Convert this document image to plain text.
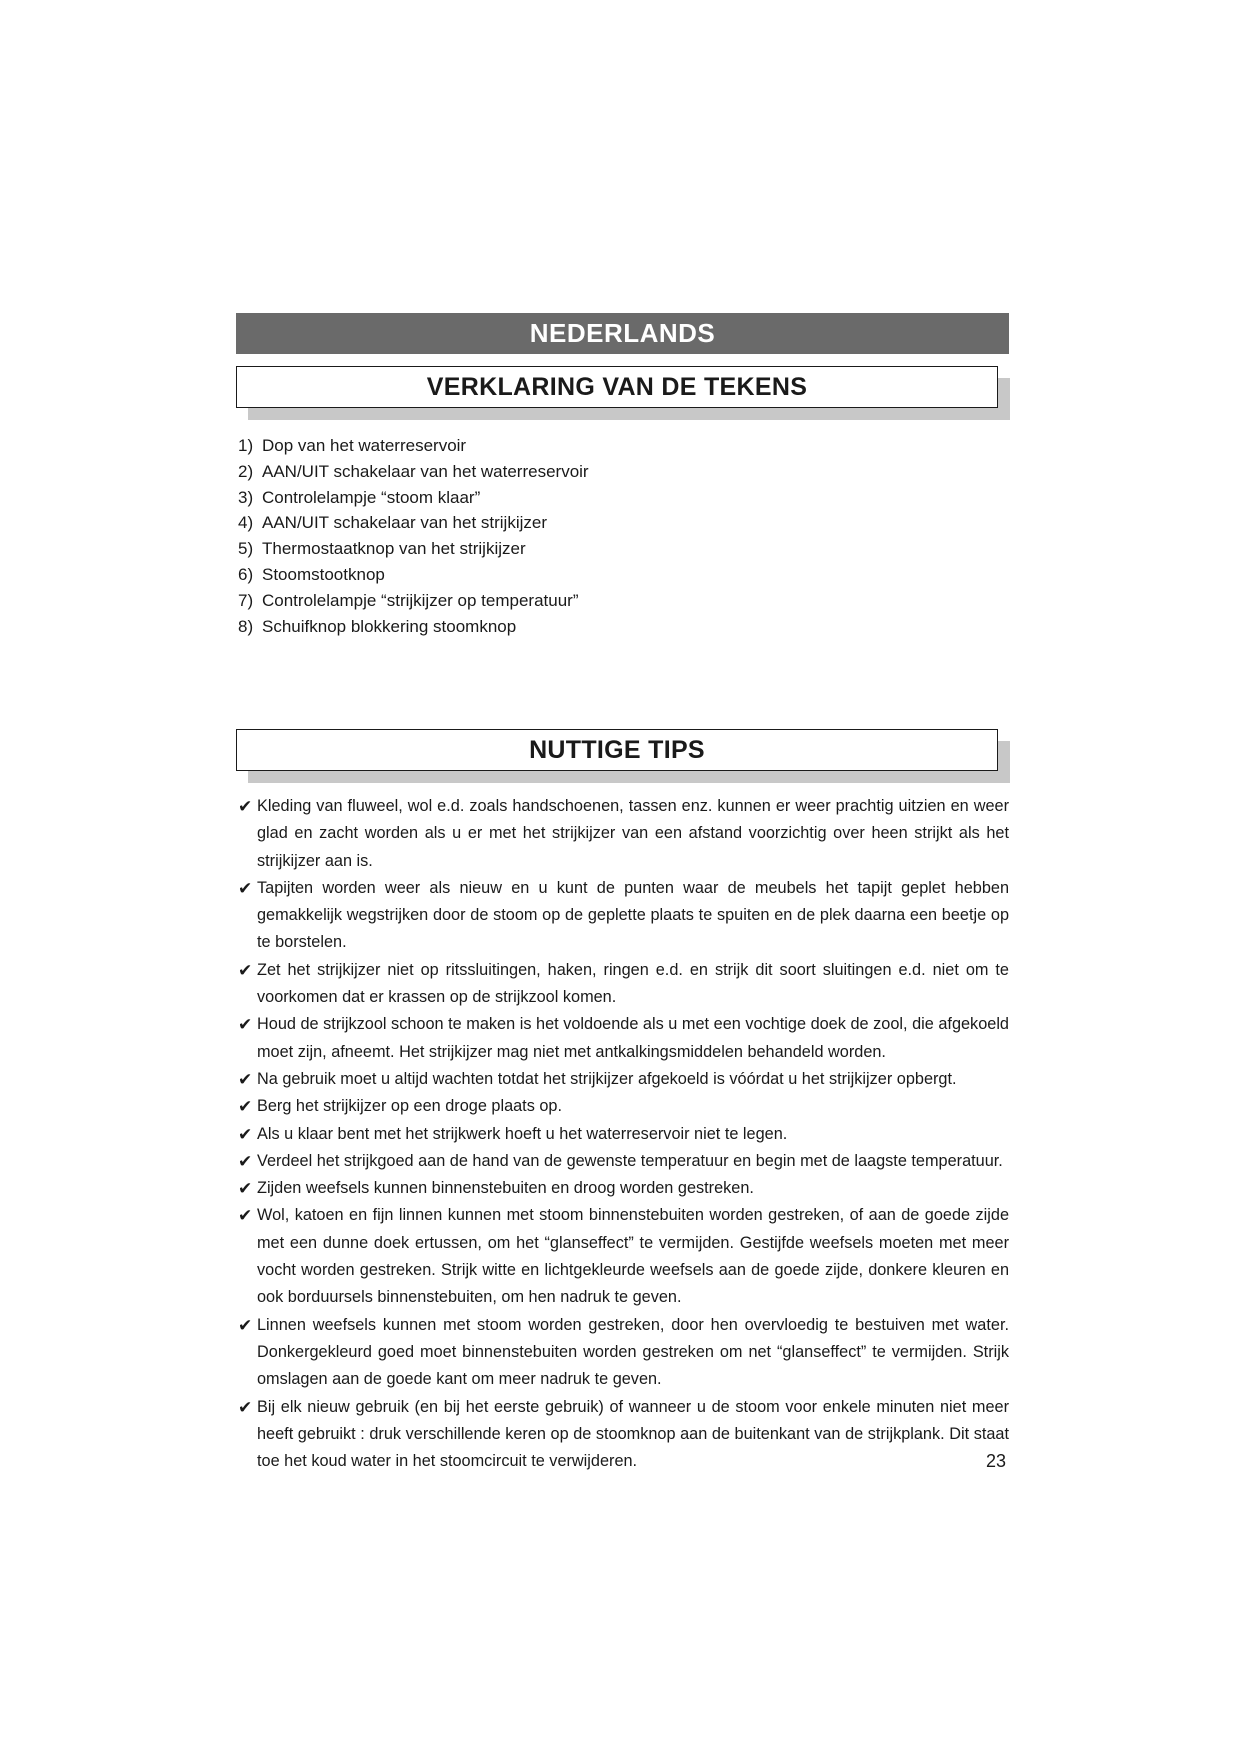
NEDERLANDS
VERKLARING VAN DE TEKENS
1) Dop van het waterreservoir
2) AAN/UIT schakelaar van het waterreservoir
3) Controlelampje “stoom klaar”
4) AAN/UIT schakelaar van het strijkijzer
5) Thermostaatknop van het strijkijzer
6) Stoomstootknop
7) Controlelampje “strijkijzer op temperatuur”
8) Schuifknop blokkering stoomknop
NUTTIGE TIPS
✔ Kleding van fluweel, wol e.d. zoals handschoenen, tassen enz. kunnen er weer prachtig uitzien en weer glad en zacht worden als u er met het strijkijzer van een afstand voorzichtig over heen strijkt als het strijkijzer aan is.
✔ Tapijten worden weer als nieuw en u kunt de punten waar de meubels het tapijt geplet hebben gemakkelijk wegstrijken door de stoom op de geplette plaats te spuiten en de plek daarna een beetje op te borstelen.
✔ Zet het strijkijzer niet op ritssluitingen, haken, ringen e.d. en strijk dit soort sluitingen e.d. niet om te voorkomen dat er krassen op de strijkzool komen.
✔ Houd de strijkzool schoon te maken is het voldoende als u met een vochtige doek de zool, die afgekoeld moet zijn, afneemt. Het strijkijzer mag niet met antkalkingsmiddelen behandeld worden.
✔ Na gebruik moet u altijd wachten totdat het strijkijzer afgekoeld is vóórdat u het strijkijzer opbergt.
✔ Berg het strijkijzer op een droge plaats op.
✔ Als u klaar bent met het strijkwerk hoeft u het waterreservoir niet te legen.
✔ Verdeel het strijkgoed aan de hand van de gewenste temperatuur en begin met de laagste temperatuur.
✔ Zijden weefsels kunnen binnenstebuiten en droog worden gestreken.
✔ Wol, katoen en fijn linnen kunnen met stoom binnenstebuiten worden gestreken, of aan de goede zijde met een dunne doek ertussen, om het “glanseffect” te vermijden. Gestijfde weefsels moeten met meer vocht worden gestreken. Strijk witte en lichtgekleurde weefsels aan de goede zijde, donkere kleuren en ook borduursels binnenstebuiten, om hen nadruk te geven.
✔ Linnen weefsels kunnen met stoom worden gestreken, door hen overvloedig te bestuiven met water. Donkergekleurd goed moet binnenstebuiten worden gestreken om net “glanseffect” te vermijden. Strijk omslagen aan de goede kant om meer nadruk te geven.
✔ Bij elk nieuw gebruik (en bij het eerste gebruik) of wanneer u de stoom voor enkele minuten niet meer heeft gebruikt : druk verschillende keren op de stoomknop aan de buitenkant van de strijkplank. Dit staat toe het koud water in het stoomcircuit te verwijderen.	23
